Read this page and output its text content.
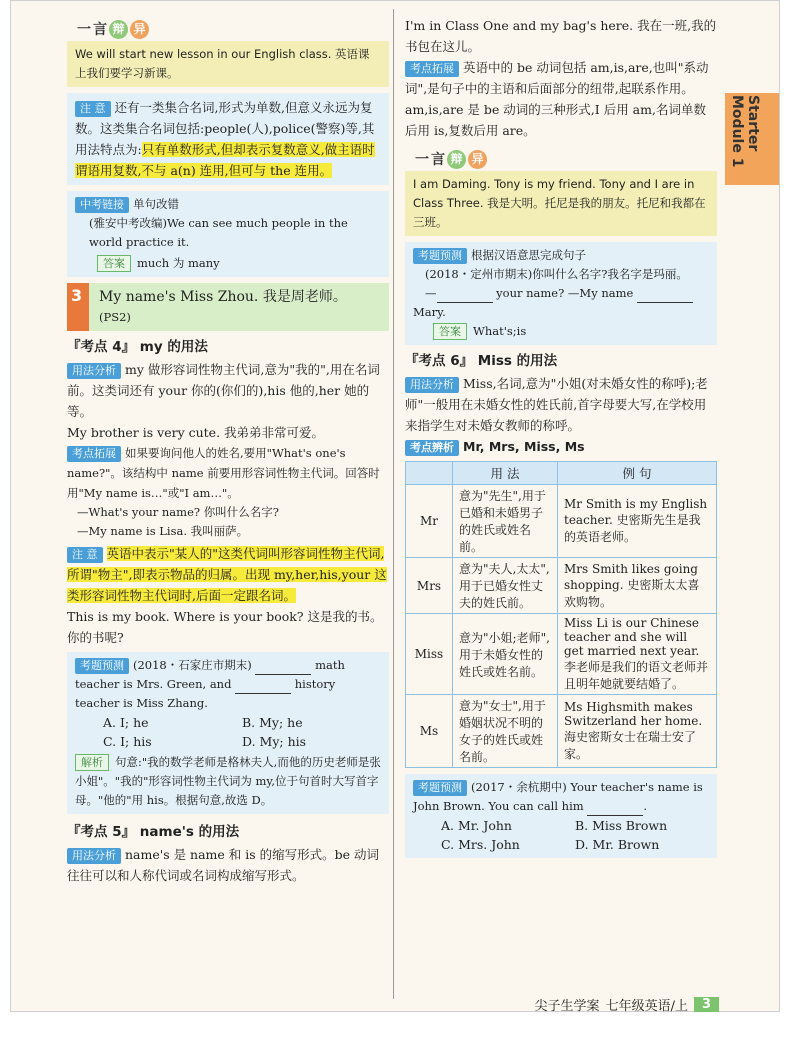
Starter Module 1
一 言 辩 异

We will start new lesson in our English class. 英语课上我们要学习新课。

注 意 还有一类集合名词,形式为单数,但意义永远为复数。这类集合名词包括:people(人),police(警察)等,其用法特点为:只有单数形式,但却表示复数意义,做主语时谓语用复数,不与 a(n) 连用,但可与 the 连用。

中考链接 单句改错

(雅安中考改编)We can see much people in the world practice it.

答案 much 为 many

3 My name's Miss Zhou. 我是周老师。

(PS2)

『考点 4』 my 的用法

用法分析 my 做形容词性物主代词,意为"我的",用在名词前。这类词还有 your 你的(你们的),his 他的,her 她的等。

My brother is very cute. 我弟弟非常可爱。

考点拓展 如果要询问他人的姓名,要用"What's one's name?"。该结构中 name 前要用形容词性物主代词。回答时用"My name is…"或"I am…"。

—What's your name? 你叫什么名字?

—My name is Lisa. 我叫丽萨。

注 意 英语中表示"某人的"这类代词叫形容词性物主代词,所谓"物主",即表示物品的归属。出现 my,her,his,your 这类形容词性物主代词时,后面一定跟名词。

This is my book. Where is your book? 这是我的书。你的书呢?

考题预测 (2018・石家庄市期末)	math teacher is Mrs. Green, and	history teacher is Miss Zhang.

A. I; he	B. My; he
C. I; his	D. My; his

解析 句意:"我的数学老师是格林夫人,而他的历史老师是张小姐"。"我的"形容词性物主代词为 my,位于句首时大写首字母。"他的"用 his。根据句意,故选 D。

『考点 5』 name's 的用法

用法分析 name's 是 name 和 is 的缩写形式。be 动词往往可以和人称代词或名词构成缩写形式。

I'm in Class One and my bag's here. 我在一班,我的书包在这儿。

考点拓展 英语中的 be 动词包括 am,is,are,也叫"系动词",是句子中的主语和后面部分的纽带,起联系作用。am,is,are 是 be 动词的三种形式,I 后用 am,名词单数后用 is,复数后用 are。

一 言 辩 异

I am Daming. Tony is my friend. Tony and I are in Class Three. 我是大明。托尼是我的朋友。托尼和我都在三班。

考题预测 根据汉语意思完成句子

(2018・定州市期末)你叫什么名字?我名字是玛丽。

—	your name? —My name

Mary.

答案 What's;is

『考点 6』 Miss 的用法

用法分析 Miss,名词,意为"小姐(对未婚女性的称呼);老师"一般用在未婚女性的姓氏前,首字母要大写,在学校用来指学生对未婚女教师的称呼。

考点辨析 Mr, Mrs, Miss, Ms

	用 法	例 句
Mr	意为"先生",用于已婚和未婚男子的姓氏或姓名前。	Mr Smith is my English teacher. 史密斯先生是我的英语老师。
Mrs	意为"夫人,太太",用于已婚女性丈夫的姓氏前。	Mrs Smith likes going shopping. 史密斯太太喜欢购物。
Miss	意为"小姐;老师",用于未婚女性的姓氏或姓名前。	Miss Li is our Chinese teacher and she will get married next year. 李老师是我们的语文老师并且明年她就要结婚了。
Ms	意为"女士",用于婚姻状况不明的女子的姓氏或姓名前。	Ms Highsmith makes Switzerland her home. 海史密斯女士在瑞士安了家。

考题预测 (2017・余杭期中) Your teacher's name is John Brown. You can call him	.

A. Mr. John	B. Miss Brown
C. Mrs. John	D. Mr. Brown
尖子生学案 七年级英语/上	3
